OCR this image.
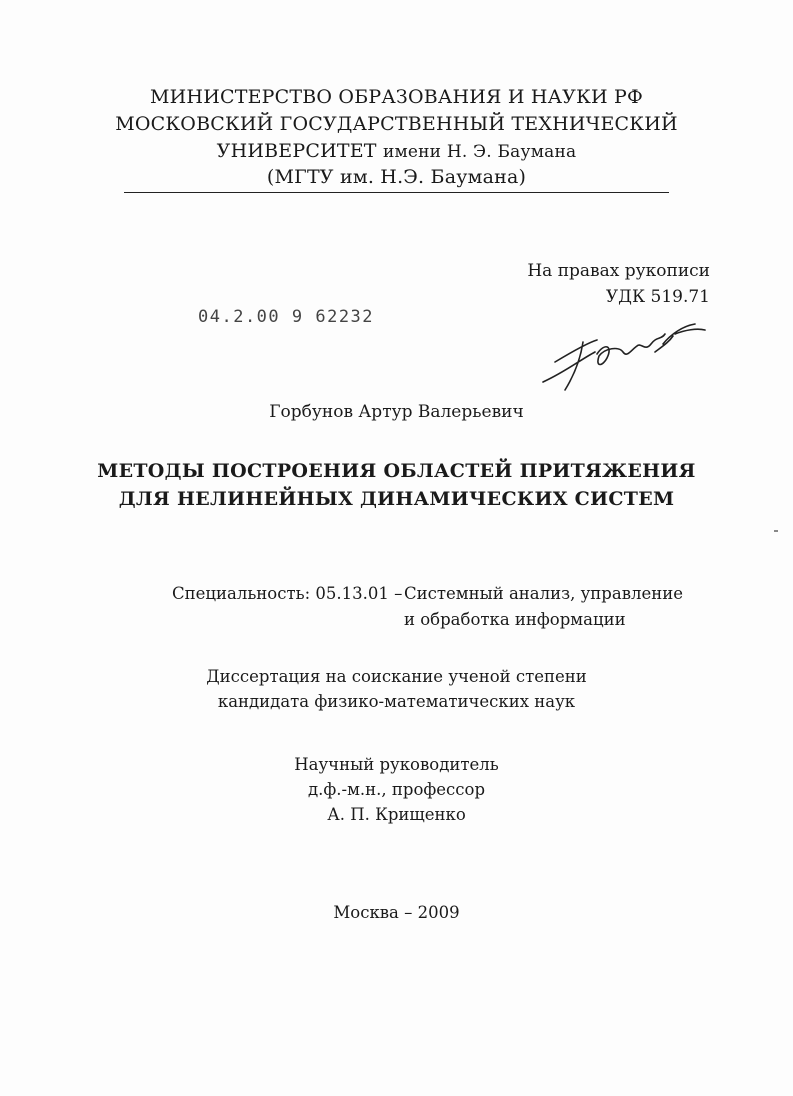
МИНИСТЕРСТВО ОБРАЗОВАНИЯ И НАУКИ РФ
МОСКОВСКИЙ ГОСУДАРСТВЕННЫЙ ТЕХНИЧЕСКИЙ
УНИВЕРСИТЕТ имени Н. Э. Баумана
(МГТУ им. Н.Э. Баумана)
На правах рукописи
УДК 519.71
04.2.00 9 62232
Горбунов Артур Валерьевич
МЕТОДЫ ПОСТРОЕНИЯ ОБЛАСТЕЙ ПРИТЯЖЕНИЯ
ДЛЯ НЕЛИНЕЙНЫХ ДИНАМИЧЕСКИХ СИСТЕМ
Специальность: 05.13.01 – Системный анализ, управление
и обработка информации
Диссертация на соискание ученой степени
кандидата физико-математических наук
Научный руководитель
д.ф.-м.н., профессор
А. П. Крищенко
Москва – 2009
